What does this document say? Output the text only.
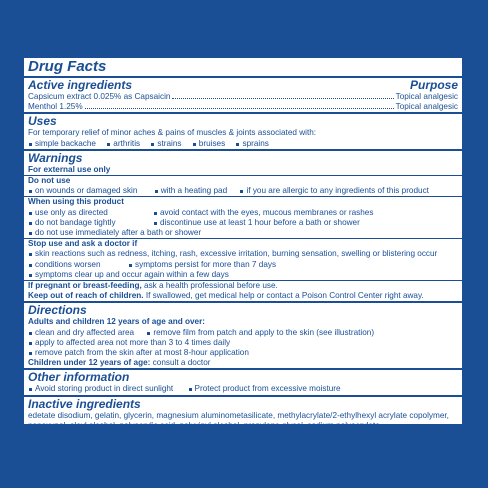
Drug Facts
Active ingredients	Purpose
Capsicum extract 0.025% as Capsaicin	Topical analgesic
Menthol 1.25%	Topical analgesic
Uses
For temporary relief of minor aches & pains of muscles & joints associated with:
simple backache
arthritis
strains
bruises
sprains
Warnings
For external use only
Do not use
on wounds or damaged skin
	with a heating pad
if you are allergic to any ingredients of this product
When using this product
use only as directed
do not bandage tightly
avoid contact with the eyes, mucous membranes or rashes
discontinue use at least 1 hour before a bath or shower
do not use immediately after a bath or shower
Stop use and ask a doctor if
skin reactions such as redness, itching, rash, excessive irritation, burning sensation, swelling or blistering occur
conditions worsen	symptoms persist for more than 7 days
symptoms clear up and occur again within a few days
If pregnant or breast-feeding, ask a health professional before use.
Keep out of reach of children. If swallowed, get medical help or contact a Poison Control Center right away.
Directions
Adults and children 12 years of age and over:
clean and dry affected area
remove film from patch and apply to the skin (see illustration)
apply to affected area not more than 3 to 4 times daily
remove patch from the skin after at most 8-hour application
Children under 12 years of age: consult a doctor
Other information
Avoid storing product in direct sunlight
	Protect product from excessive moisture
Inactive ingredients
edetate disodium, gelatin, glycerin, magnesium aluminometasilicate, methylacrylate/2-ethylhexyl acrylate copolymer,
nonoxynol, oleyl alcohol, polyacrylic acid, polyvinyl alcohol, propylene glycol, sodium polyacrylate,
sorbitan monooleate, tartaric acid, titanium dioxide, water
Questions or comments? Toll free 1-800-826-8861	www.salonpas.us
